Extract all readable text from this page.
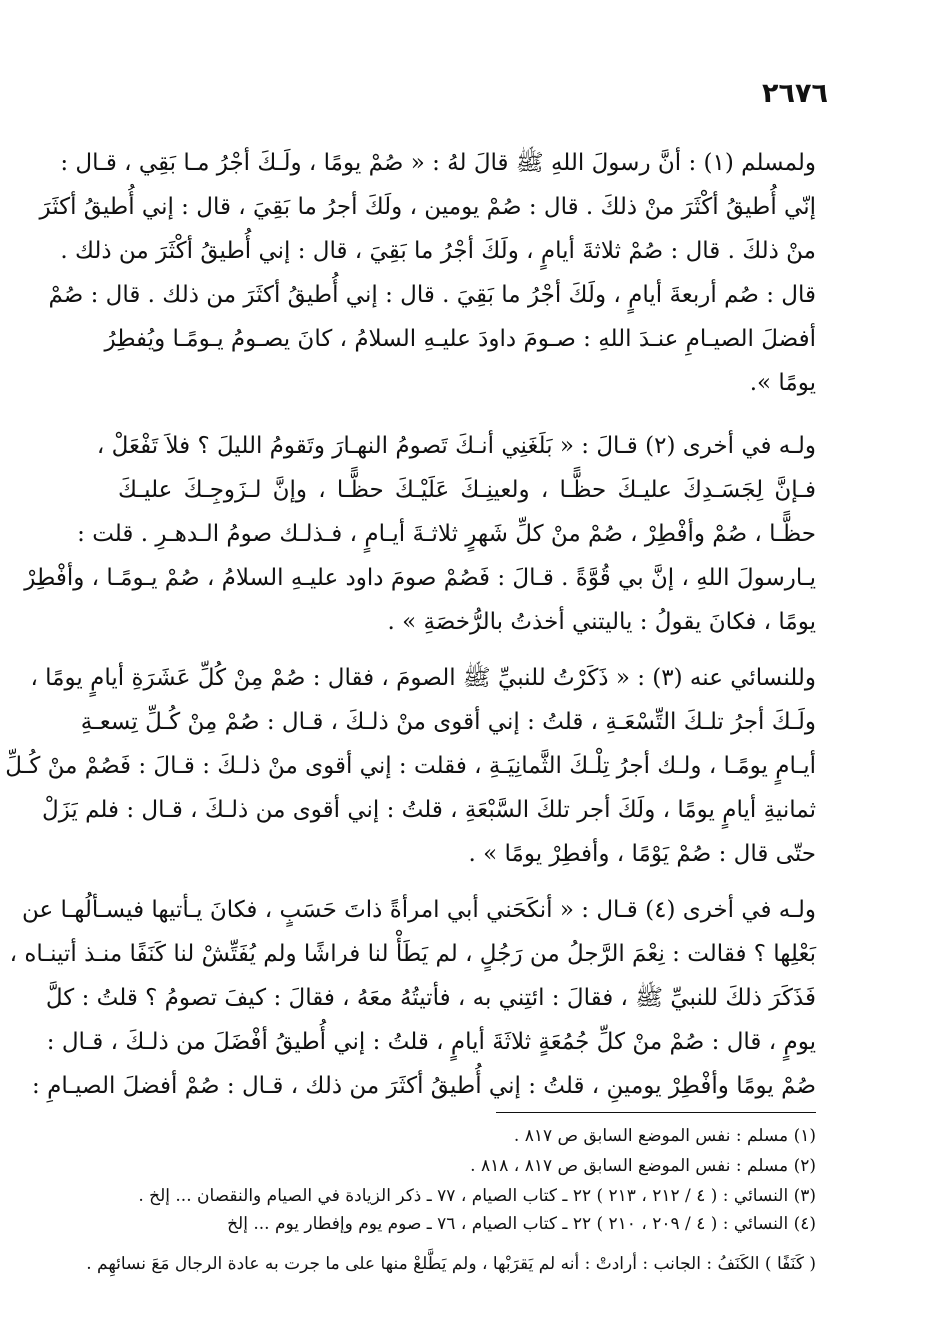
٢٦٧٦
ولمسلم (١) : أنَّ رسولَ اللهِ ﷺ قالَ لهُ : « صُمْ يومًا ، ولَـكَ أجْرُ مـا بَقِي ، قـال :
إنّي أُطيقُ أكْثَرَ منْ ذلكَ . قال : صُمْ يومين ، ولَكَ أجرُ ما بَقِيَ ، قال : إني أُطيقُ أكثَرَ
منْ ذلكَ . قال : صُمْ ثلاثةَ أيامٍ ، ولَكَ أجْرُ ما بَقِيَ ، قال : إني أُطيقُ أكْثَرَ من ذلك .
قال : صُم أربعةَ أيامٍ ، ولَكَ أجْرُ ما بَقِيَ . قال : إني أُطيقُ أكثَرَ من ذلك . قال : صُمْ
أفضلَ الصيـامِ عنـدَ اللهِ : صـومَ داودَ عليـهِ السلامُ ، كانَ يصـومُ يـومًـا ويُفطِرُ
يومًا ».
ولـه في أخرى (٢) قـالَ : « بَلَغَنِي أنـكَ تَصومُ النهـارَ وتَقومُ الليلَ ؟ فلاَ تَفْعَلْ ،
فـإنَّ لِجَسَـدِكَ عليـكَ حظًّـا ، ولعينِـكَ عَلَيْـكَ حظًّـا ، وإنَّ لـزَوجِـكَ عليـكَ
حظًّـا ، صُمْ وأفْطِرْ ، صُمْ منْ كلِّ شَهرٍ ثلاثـةَ أيـامٍ ، فـذلـك صومُ الـدهـرِ . قلت :
يـارسولَ اللهِ ، إنَّ بي قُوَّةً . قـالَ : فَصُمْ صومَ داود عليـهِ السلامُ ، صُمْ يـومًـا ، وأفْطِرْ
يومًا ، فكانَ يقولُ : ياليتني أخذتُ بالرُّخصَةِ » .
وللنسائي عنه (٣) : « ذَكَرْتُ للنبيِّ ﷺ الصومَ ، فقال : صُمْ مِنْ كُلِّ عَشَرَةِ أيامٍ يومًا ،
ولَـكَ أجرُ تلـكَ التِّسْعَـةِ ، قلتُ : إني أقوى منْ ذلـكَ ، قـال : صُمْ مِنْ كُـلِّ تِسعـةِ
أيـامٍ يومًـا ، ولـك أجرُ تِلْـكَ الثَّمانِيَـةِ ، فقلت : إني أقوى منْ ذلـكَ : قـالَ : فَصُمْ منْ كُـلِّ
ثمانيةِ أيامٍ يومًا ، ولَكَ أجر تلكَ السَّبْعَةِ ، قلتُ : إني أقوى من ذلـكَ ، قـال : فلم يَزَلْ
حتّى قال : صُمْ يَوْمًا ، وأفطِرْ يومًا » .
ولـه في أخرى (٤) قـال : « أنكَحَني أبي امرأةً ذاتَ حَسَبٍ ، فكانَ يـأتيها فيسـألُهـا عن
بَعْلِها ؟ فقالت : نِعْمَ الرَّجلُ من رَجُلٍ ، لم يَطَأْ لنا فراشًا ولم يُفَتِّشْ لنا كَنَفًا منـذ أتينـاه ،
فَذَكَرَ ذلكَ للنبيِّ ﷺ ، فقالَ : ائتِني به ، فأتيتُهُ معَهُ ، فقالَ : كيفَ تصومُ ؟ قلتُ : كلَّ
يومٍ ، قال : صُمْ منْ كلِّ جُمُعَةٍ ثلاثَةَ أيامٍ ، قلتُ : إني أُطيقُ أفْضَلَ من ذلـكَ ، قـال :
صُمْ يومًا وأفْطِرْ يومينِ ، قلتُ : إني أُطيقُ أكثَرَ من ذلك ، قـال : صُمْ أفضلَ الصيـامِ :
(١) مسلم : نفس الموضع السابق ص ٨١٧ .
(٢) مسلم : نفس الموضع السابق ص ٨١٧ ، ٨١٨ .
(٣) النسائي : ( ٤ / ٢١٢ ، ٢١٣ ) ٢٢ ـ كتاب الصيام ، ٧٧ ـ ذكر الزيادة في الصيام والنقصان ... إلخ .
(٤) النسائي : ( ٤ / ٢٠٩ ، ٢١٠ ) ٢٢ ـ كتاب الصيام ، ٧٦ ـ صوم يوم وإفطار يوم ... إلخ
( كَنَفًا ) الكَنَفُ : الجانب : أرادتْ : أنه لم يَقرَبْها ، ولم يَطَّلعْ منها على ما جرت به عادة الرجال مَعَ نسائهِم .
